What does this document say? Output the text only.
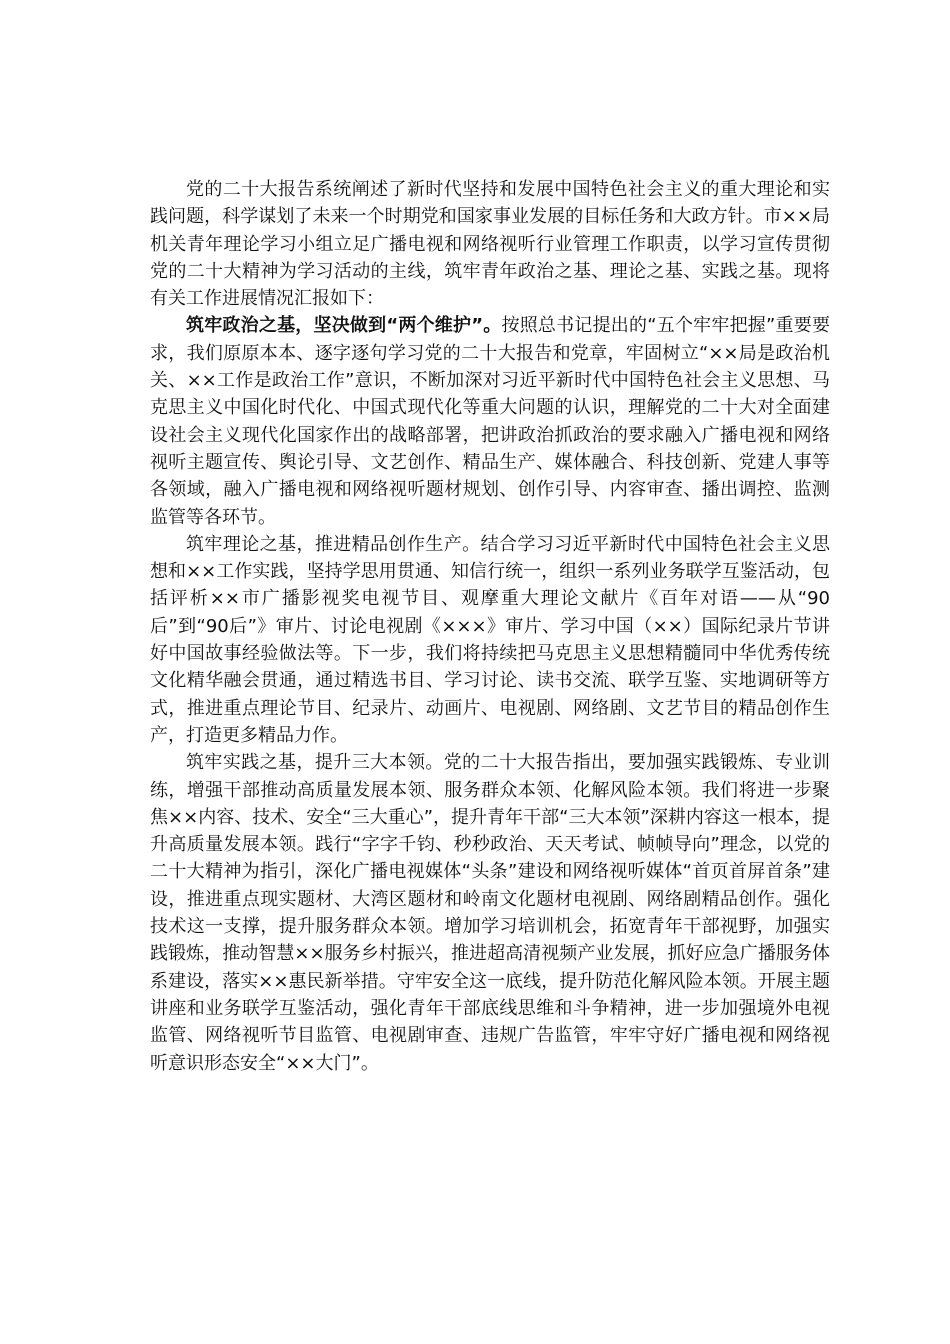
党的二十大报告系统阐述了新时代坚持和发展中国特色社会主义的重大理论和实践问题，科学谋划了未来一个时期党和国家事业发展的目标任务和大政方针。市××局机关青年理论学习小组立足广播电视和网络视听行业管理工作职责，以学习宣传贯彻党的二十大精神为学习活动的主线，筑牢青年政治之基、理论之基、实践之基。现将有关工作进展情况汇报如下：

筑牢政治之基，坚决做到“两个维护”。按照总书记提出的“五个牢牢把握”重要要求，我们原原本本、逐字逐句学习党的二十大报告和党章，牢固树立“××局是政治机关、××工作是政治工作”意识，不断加深对习近平新时代中国特色社会主义思想、马克思主义中国化时代化、中国式现代化等重大问题的认识，理解党的二十大对全面建设社会主义现代化国家作出的战略部署，把讲政治抓政治的要求融入广播电视和网络视听主题宣传、舆论引导、文艺创作、精品生产、媒体融合、科技创新、党建人事等各领域，融入广播电视和网络视听题材规划、创作引导、内容审查、播出调控、监测监管等各环节。

筑牢理论之基，推进精品创作生产。结合学习习近平新时代中国特色社会主义思想和××工作实践，坚持学思用贯通、知信行统一，组织一系列业务联学互鉴活动，包括评析××市广播影视奖电视节目、观摩重大理论文献片《百年对语——从“90后”到“90后”》审片、讨论电视剧《×××》审片、学习中国（××）国际纪录片节讲好中国故事经验做法等。下一步，我们将持续把马克思主义思想精髓同中华优秀传统文化精华融会贯通，通过精选书目、学习讨论、读书交流、联学互鉴、实地调研等方式，推进重点理论节目、纪录片、动画片、电视剧、网络剧、文艺节目的精品创作生产，打造更多精品力作。

筑牢实践之基，提升三大本领。党的二十大报告指出，要加强实践锻炼、专业训练，增强干部推动高质量发展本领、服务群众本领、化解风险本领。我们将进一步聚焦××内容、技术、安全“三大重心”，提升青年干部“三大本领”深耕内容这一根本，提升高质量发展本领。践行“字字千钧、秒秒政治、天天考试、帧帧导向”理念，以党的二十大精神为指引，深化广播电视媒体“头条”建设和网络视听媒体“首页首屏首条”建设，推进重点现实题材、大湾区题材和岭南文化题材电视剧、网络剧精品创作。强化技术这一支撑，提升服务群众本领。增加学习培训机会，拓宽青年干部视野，加强实践锻炼，推动智慧××服务乡村振兴，推进超高清视频产业发展，抓好应急广播服务体系建设，落实××惠民新举措。守牢安全这一底线，提升防范化解风险本领。开展主题讲座和业务联学互鉴活动，强化青年干部底线思维和斗争精神，进一步加强境外电视监管、网络视听节目监管、电视剧审查、违规广告监管，牢牢守好广播电视和网络视听意识形态安全“××大门”。
